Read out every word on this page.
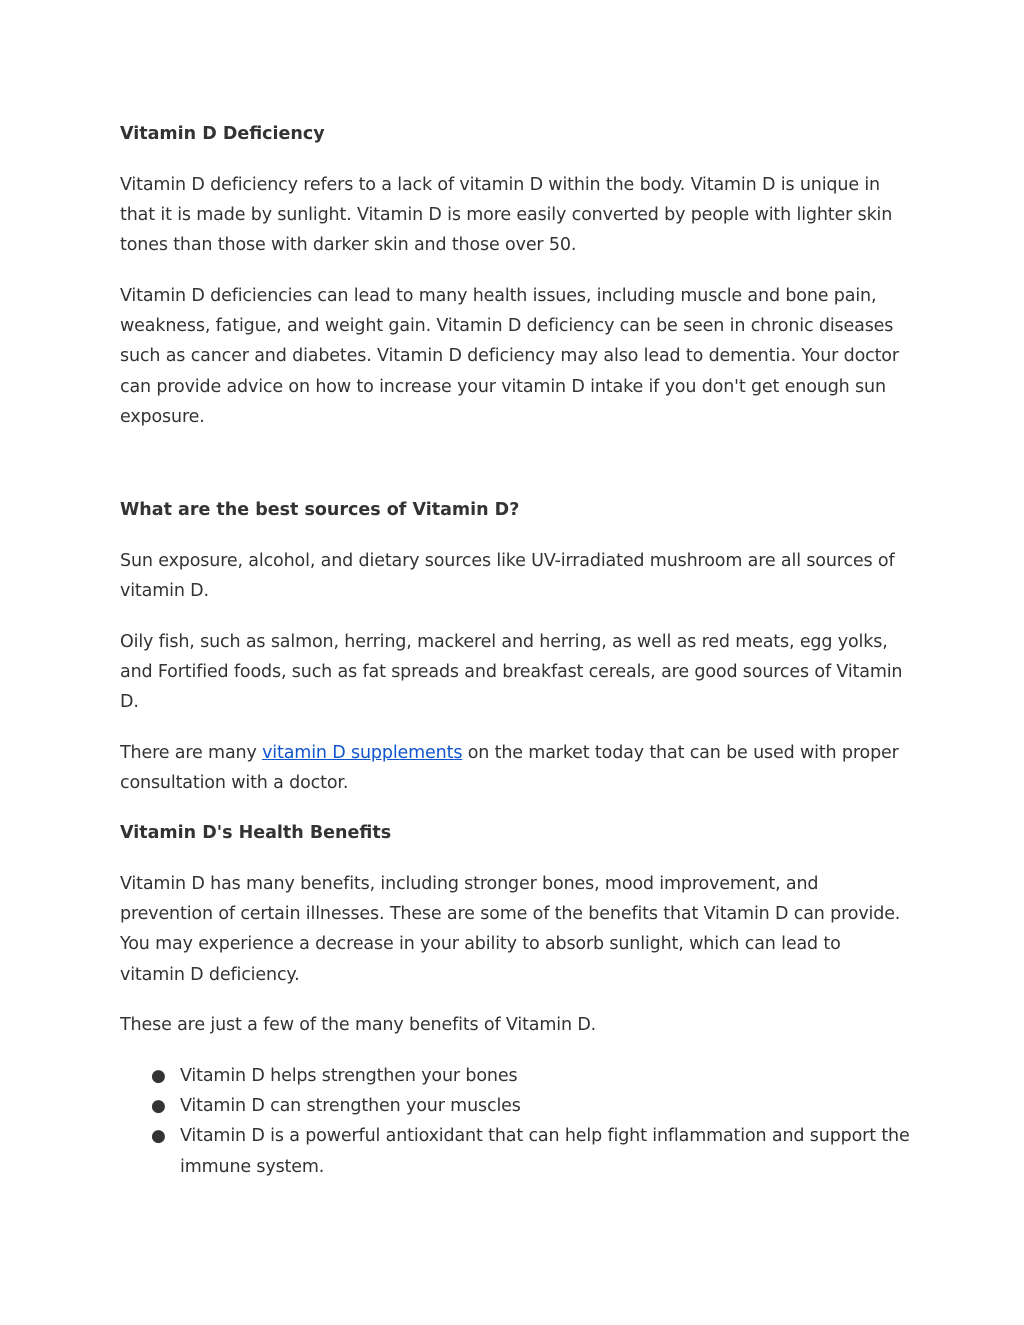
Vitamin D Deficiency

Vitamin D deficiency refers to a lack of vitamin D within the body. Vitamin D is unique in that it is made by sunlight. Vitamin D is more easily converted by people with lighter skin tones than those with darker skin and those over 50.

Vitamin D deficiencies can lead to many health issues, including muscle and bone pain, weakness, fatigue, and weight gain. Vitamin D deficiency can be seen in chronic diseases such as cancer and diabetes. Vitamin D deficiency may also lead to dementia. Your doctor can provide advice on how to increase your vitamin D intake if you don't get enough sun exposure.

What are the best sources of Vitamin D?

Sun exposure, alcohol, and dietary sources like UV-irradiated mushroom are all sources of vitamin D.

Oily fish, such as salmon, herring, mackerel and herring, as well as red meats, egg yolks, and Fortified foods, such as fat spreads and breakfast cereals, are good sources of Vitamin D.

There are many vitamin D supplements on the market today that can be used with proper consultation with a doctor.

Vitamin D's Health Benefits

Vitamin D has many benefits, including stronger bones, mood improvement, and prevention of certain illnesses. These are some of the benefits that Vitamin D can provide. You may experience a decrease in your ability to absorb sunlight, which can lead to vitamin D deficiency.

These are just a few of the many benefits of Vitamin D.

● Vitamin D helps strengthen your bones
● Vitamin D can strengthen your muscles
● Vitamin D is a powerful antioxidant that can help fight inflammation and support the immune system.
